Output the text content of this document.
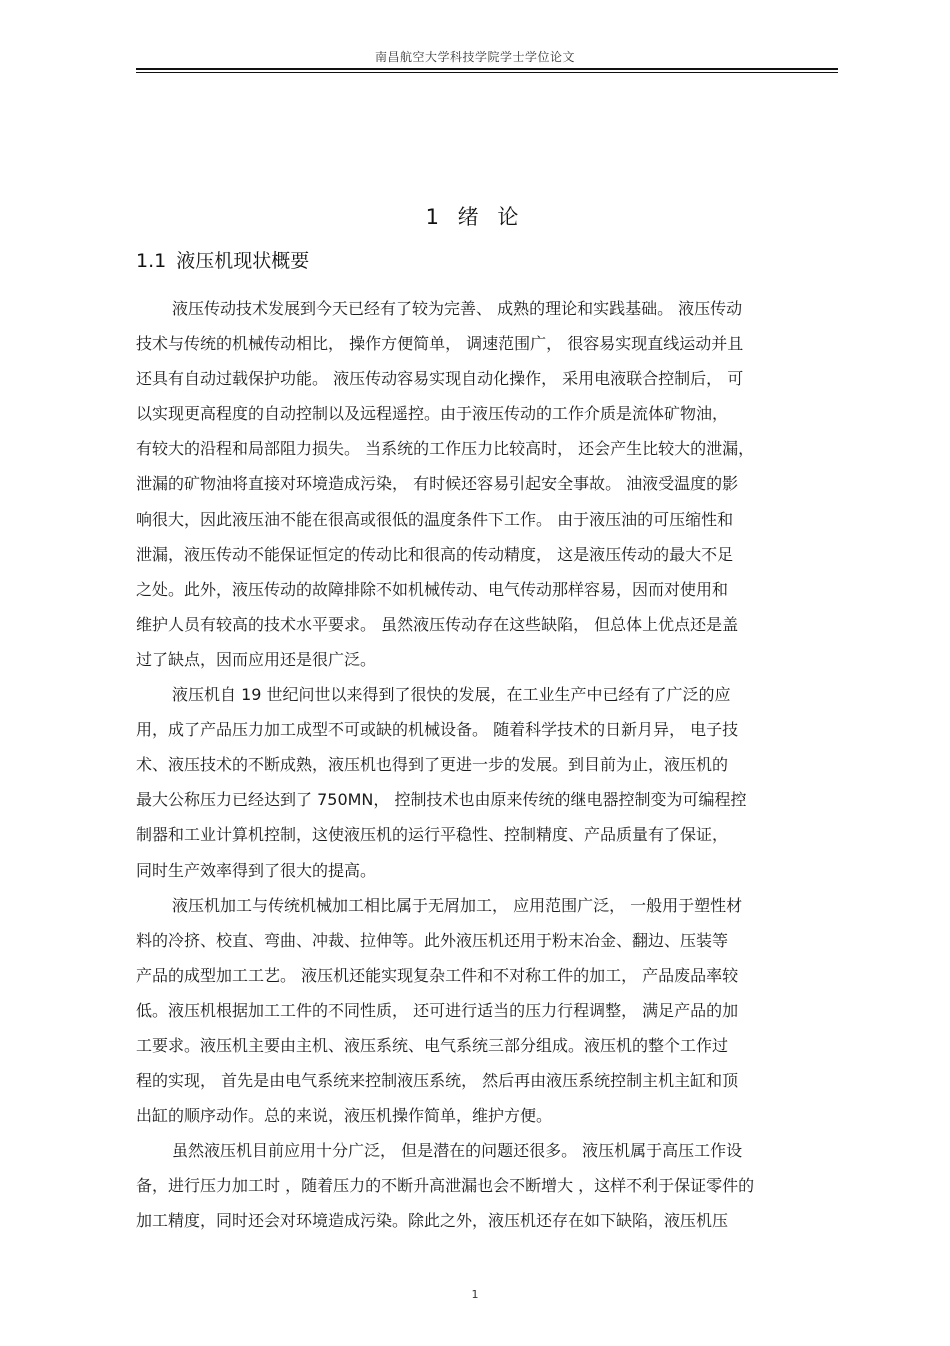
南昌航空大学科技学院学士学位论文
1 绪 论
1.1 液压机现状概要
液压传动技术发展到今天已经有了较为完善、 成熟的理论和实践基础。 液压传动
技术与传统的机械传动相比， 操作方便简单， 调速范围广， 很容易实现直线运动并且
还具有自动过载保护功能。 液压传动容易实现自动化操作， 采用电液联合控制后， 可
以实现更高程度的自动控制以及远程遥控。由于液压传动的工作介质是流体矿物油，
有较大的沿程和局部阻力损失。 当系统的工作压力比较高时， 还会产生比较大的泄漏，
泄漏的矿物油将直接对环境造成污染， 有时候还容易引起安全事故。 油液受温度的影
响很大，因此液压油不能在很高或很低的温度条件下工作。 由于液压油的可压缩性和
泄漏，液压传动不能保证恒定的传动比和很高的传动精度， 这是液压传动的最大不足
之处。此外，液压传动的故障排除不如机械传动、电气传动那样容易，因而对使用和
维护人员有较高的技术水平要求。 虽然液压传动存在这些缺陷， 但总体上优点还是盖
过了缺点，因而应用还是很广泛。
液压机自 19 世纪问世以来得到了很快的发展，在工业生产中已经有了广泛的应
用，成了产品压力加工成型不可或缺的机械设备。 随着科学技术的日新月异， 电子技
术、液压技术的不断成熟，液压机也得到了更进一步的发展。到目前为止，液压机的
最大公称压力已经达到了 750MN， 控制技术也由原来传统的继电器控制变为可编程控
制器和工业计算机控制，这使液压机的运行平稳性、控制精度、产品质量有了保证，
同时生产效率得到了很大的提高。
液压机加工与传统机械加工相比属于无屑加工， 应用范围广泛， 一般用于塑性材
料的冷挤、校直、弯曲、冲裁、拉伸等。此外液压机还用于粉末冶金、翻边、压装等
产品的成型加工工艺。 液压机还能实现复杂工件和不对称工件的加工， 产品废品率较
低。液压机根据加工工件的不同性质， 还可进行适当的压力行程调整， 满足产品的加
工要求。液压机主要由主机、液压系统、电气系统三部分组成。液压机的整个工作过
程的实现， 首先是由电气系统来控制液压系统， 然后再由液压系统控制主机主缸和顶
出缸的顺序动作。总的来说，液压机操作简单，维护方便。
虽然液压机目前应用十分广泛， 但是潜在的问题还很多。 液压机属于高压工作设
备，进行压力加工时 ，随着压力的不断升高泄漏也会不断增大 ，这样不利于保证零件的
加工精度，同时还会对环境造成污染。除此之外，液压机还存在如下缺陷，液压机压
1
